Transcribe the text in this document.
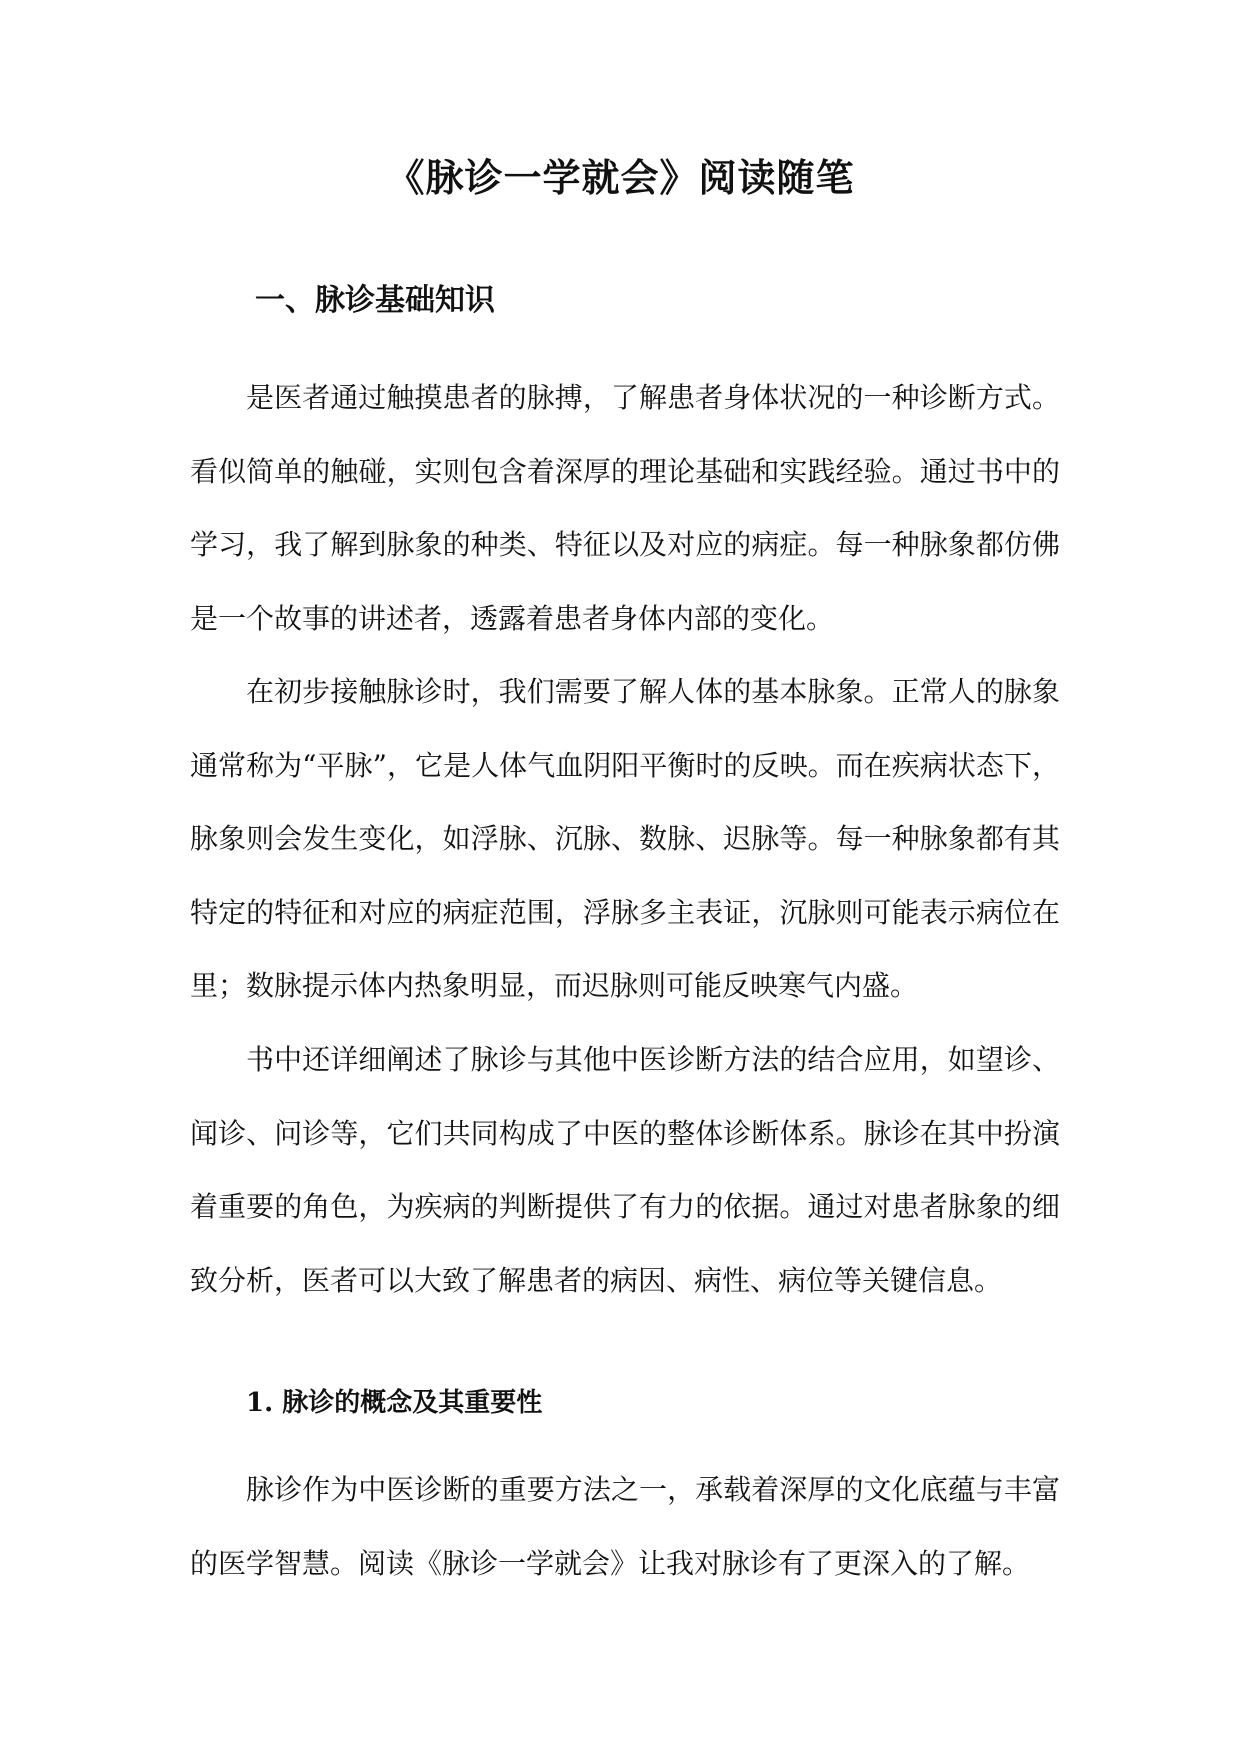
《脉诊一学就会》阅读随笔
一、脉诊基础知识

是医者通过触摸患者的脉搏，了解患者身体状况的一种诊断方式。看似简单的触碰，实则包含着深厚的理论基础和实践经验。通过书中的学习，我了解到脉象的种类、特征以及对应的病症。每一种脉象都仿佛是一个故事的讲述者，透露着患者身体内部的变化。

在初步接触脉诊时，我们需要了解人体的基本脉象。正常人的脉象通常称为“平脉”，它是人体气血阴阳平衡时的反映。而在疾病状态下，脉象则会发生变化，如浮脉、沉脉、数脉、迟脉等。每一种脉象都有其特定的特征和对应的病症范围，浮脉多主表证，沉脉则可能表示病位在里；数脉提示体内热象明显，而迟脉则可能反映寒气内盛。

书中还详细阐述了脉诊与其他中医诊断方法的结合应用，如望诊、闻诊、问诊等，它们共同构成了中医的整体诊断体系。脉诊在其中扮演着重要的角色，为疾病的判断提供了有力的依据。通过对患者脉象的细致分析，医者可以大致了解患者的病因、病性、病位等关键信息。

1. 脉诊的概念及其重要性

脉诊作为中医诊断的重要方法之一，承载着深厚的文化底蕴与丰富的医学智慧。阅读《脉诊一学就会》让我对脉诊有了更深入的了解。
